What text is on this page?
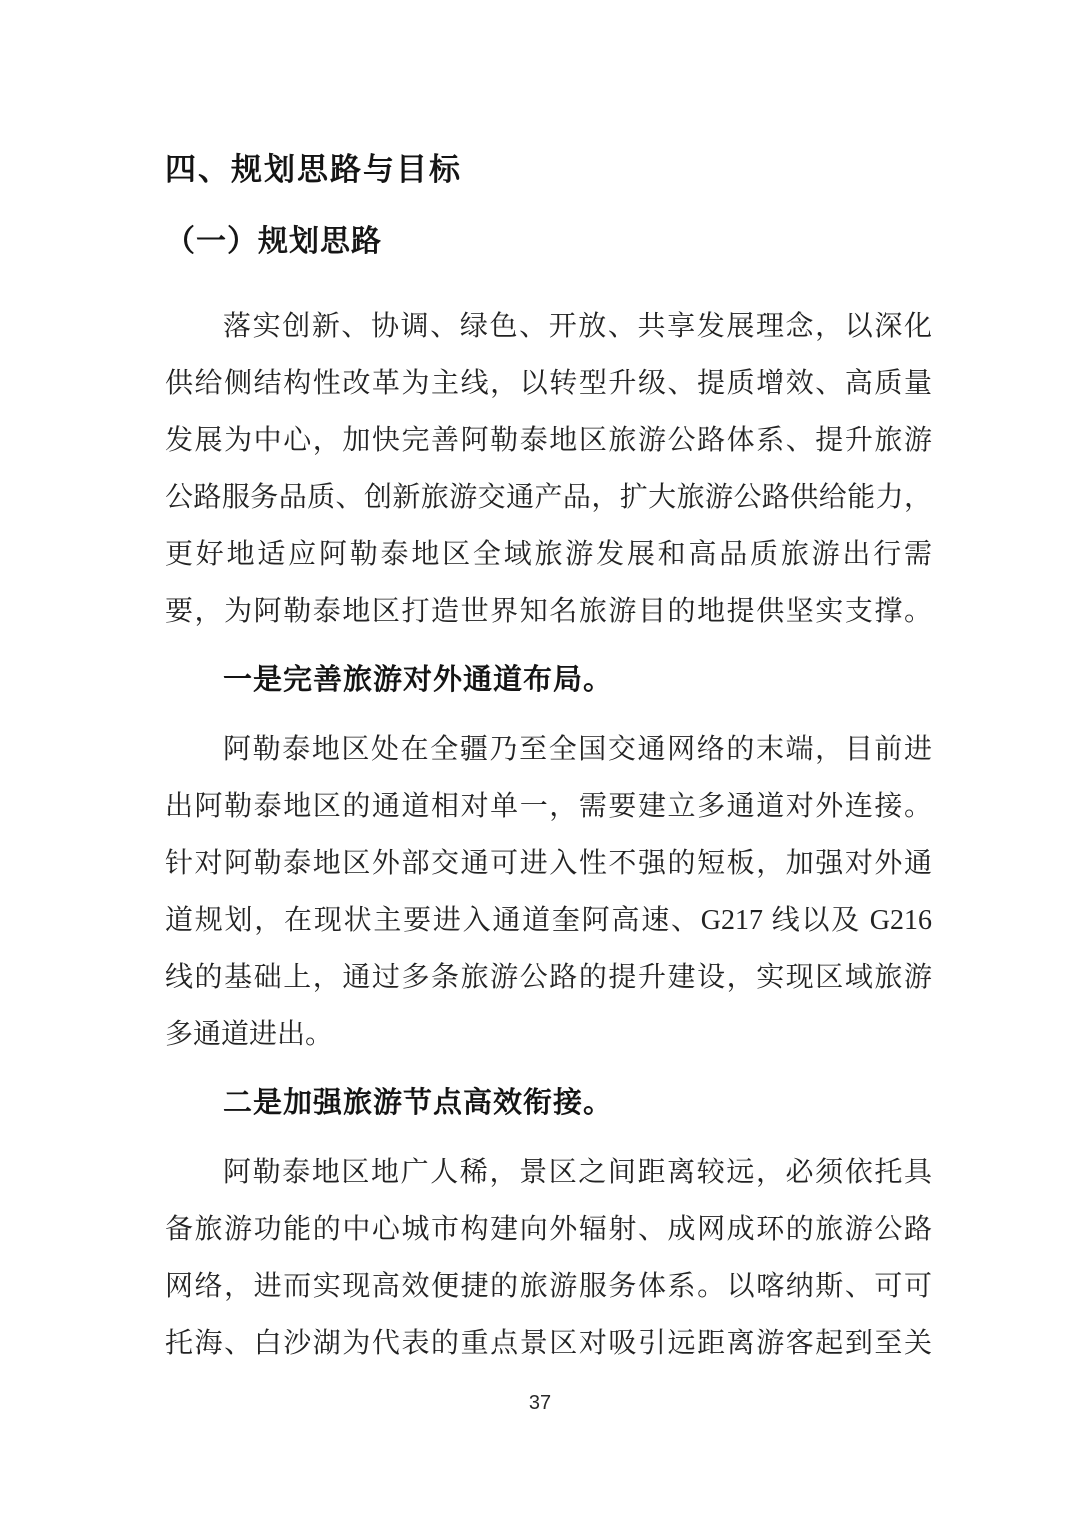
四、规划思路与目标
（一）规划思路
落实创新、协调、绿色、开放、共享发展理念，以深化
供给侧结构性改革为主线，以转型升级、提质增效、高质量
发展为中心，加快完善阿勒泰地区旅游公路体系、提升旅游
公路服务品质、创新旅游交通产品，扩大旅游公路供给能力，
更好地适应阿勒泰地区全域旅游发展和高品质旅游出行需
要，为阿勒泰地区打造世界知名旅游目的地提供坚实支撑。
一是完善旅游对外通道布局。
阿勒泰地区处在全疆乃至全国交通网络的末端，目前进
出阿勒泰地区的通道相对单一，需要建立多通道对外连接。
针对阿勒泰地区外部交通可进入性不强的短板，加强对外通
道规划，在现状主要进入通道奎阿高速、G217 线以及 G216
线的基础上，通过多条旅游公路的提升建设，实现区域旅游
多通道进出。
二是加强旅游节点高效衔接。
阿勒泰地区地广人稀，景区之间距离较远，必须依托具
备旅游功能的中心城市构建向外辐射、成网成环的旅游公路
网络，进而实现高效便捷的旅游服务体系。以喀纳斯、可可
托海、白沙湖为代表的重点景区对吸引远距离游客起到至关
37
